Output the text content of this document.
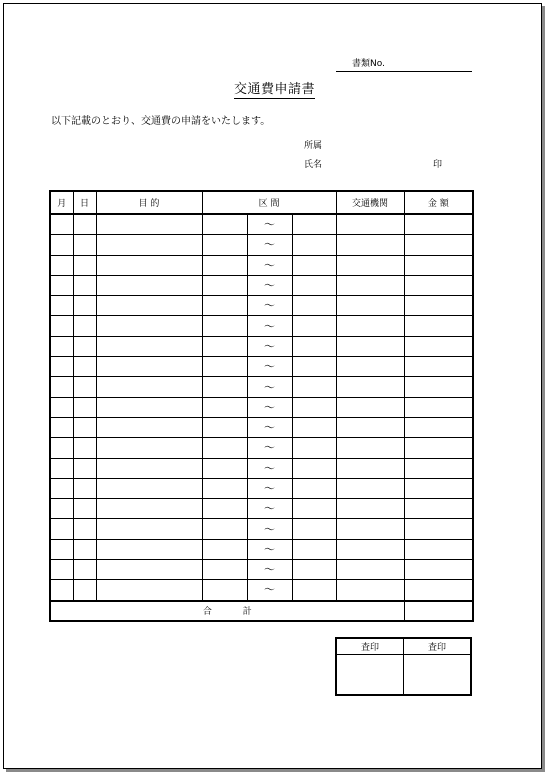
書類No.
交通費申請書
以下記載のとおり、交通費の申請をいたします。
所属
氏名	印
月	日	目 的	区 間			交通機関	金 額
				～			
				～			
				～			
				～			
				～			
				～			
				～			
				～			
				～			
				～			
				～			
				～			
				～			
				～			
				～			
				～			
				～			
				～			
				～			
合 計							
査印	査印
